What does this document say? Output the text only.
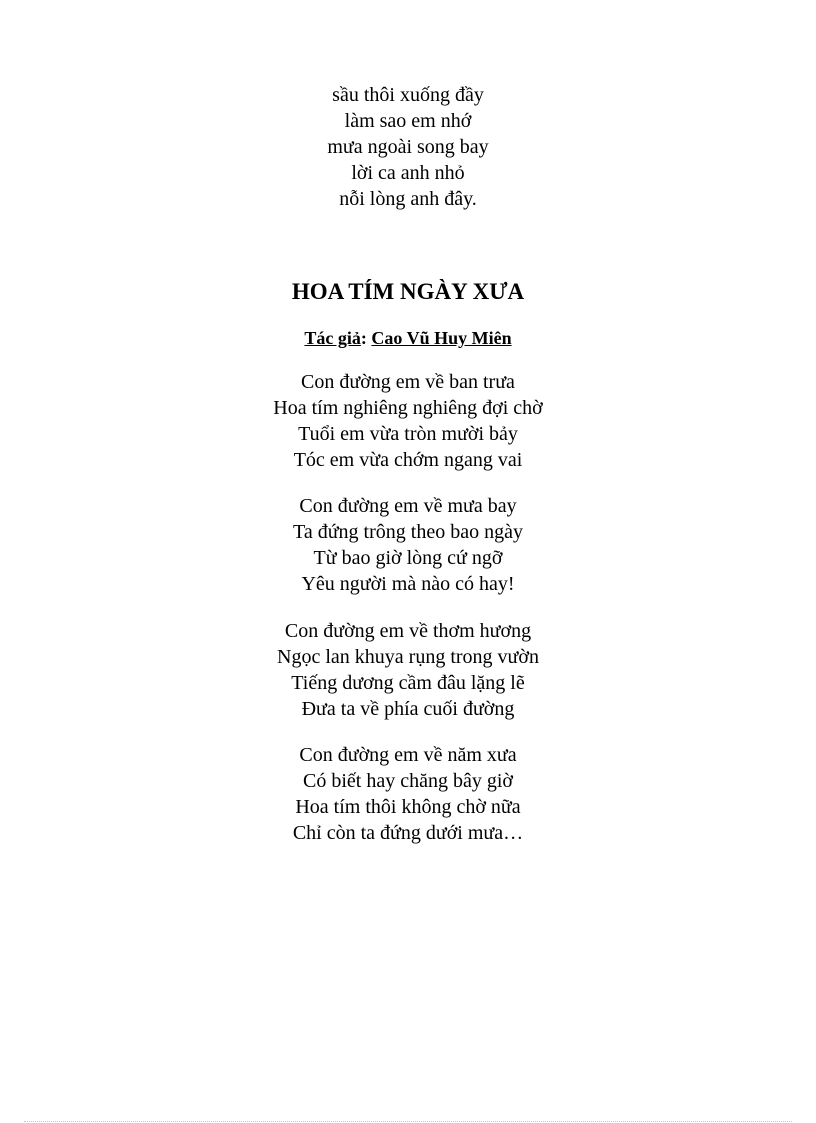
sầu thôi xuống đầy
làm sao em nhớ
mưa ngoài song bay
lời ca anh nhỏ
nỗi lòng anh đây.
HOA TÍM NGÀY XƯA
Tác giả: Cao Vũ Huy Miên
Con đường em về ban trưa
Hoa tím nghiêng nghiêng đợi chờ
Tuổi em vừa tròn mười bảy
Tóc em vừa chớm ngang vai
Con đường em về mưa bay
Ta đứng trông theo bao ngày
Từ bao giờ lòng cứ ngỡ
Yêu người mà nào có hay!
Con đường em về thơm hương
Ngọc lan khuya rụng trong vườn
Tiếng dương cầm đâu lặng lẽ
Đưa ta về phía cuối đường
Con đường em về năm xưa
Có biết hay chăng bây giờ
Hoa tím thôi không chờ nữa
Chỉ còn ta đứng dưới mưa…
